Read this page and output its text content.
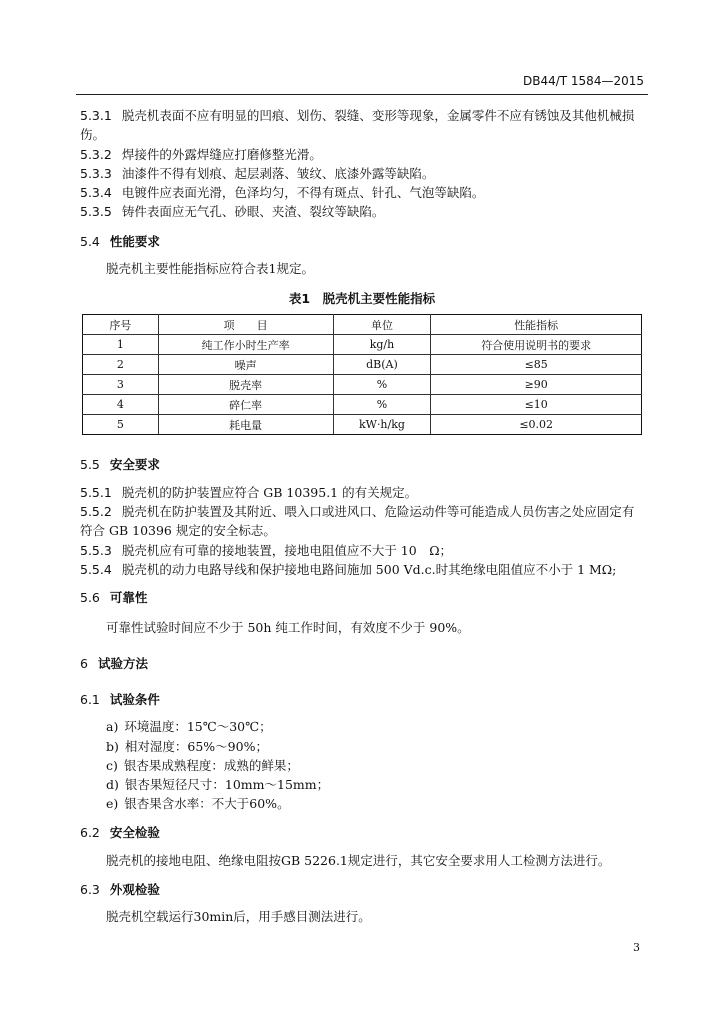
DB44/T 1584—2015
5.3.1 脱壳机表面不应有明显的凹痕、划伤、裂缝、变形等现象，金属零件不应有锈蚀及其他机械损
伤。
5.3.2 焊接件的外露焊缝应打磨修整光滑。
5.3.3 油漆件不得有划痕、起层剥落、皱纹、底漆外露等缺陷。
5.3.4 电镀件应表面光滑，色泽均匀，不得有斑点、针孔、气泡等缺陷。
5.3.5 铸件表面应无气孔、砂眼、夹渣、裂纹等缺陷。
5.4 性能要求
脱壳机主要性能指标应符合表1规定。
表1　脱壳机主要性能指标
序号	项　　目	单位	性能指标
1	纯工作小时生产率	kg/h	符合使用说明书的要求
2	噪声	dB(A)	≤85
3	脱壳率	%	≥90
4	碎仁率	%	≤10
5	耗电量	kW·h/kg	≤0.02
5.5 安全要求
5.5.1 脱壳机的防护装置应符合 GB 10395.1 的有关规定。
5.5.2 脱壳机在防护装置及其附近、喂入口或进风口、危险运动件等可能造成人员伤害之处应固定有
符合 GB 10396 规定的安全标志。
5.5.3 脱壳机应有可靠的接地装置，接地电阻值应不大于 10　Ω；
5.5.4 脱壳机的动力电路导线和保护接地电路间施加 500 Vd.c.时其绝缘电阻值应不小于 1 MΩ;
5.6 可靠性
可靠性试验时间应不少于 50h 纯工作时间，有效度不少于 90%。
6 试验方法
6.1 试验条件
a) 环境温度：15℃～30℃；
b) 相对湿度：65%～90%；
c) 银杏果成熟程度：成熟的鲜果；
d) 银杏果短径尺寸：10mm～15mm；
e) 银杏果含水率：不大于60%。
6.2 安全检验
脱壳机的接地电阻、绝缘电阻按GB 5226.1规定进行，其它安全要求用人工检测方法进行。
6.3 外观检验
脱壳机空载运行30min后，用手感目测法进行。
3
